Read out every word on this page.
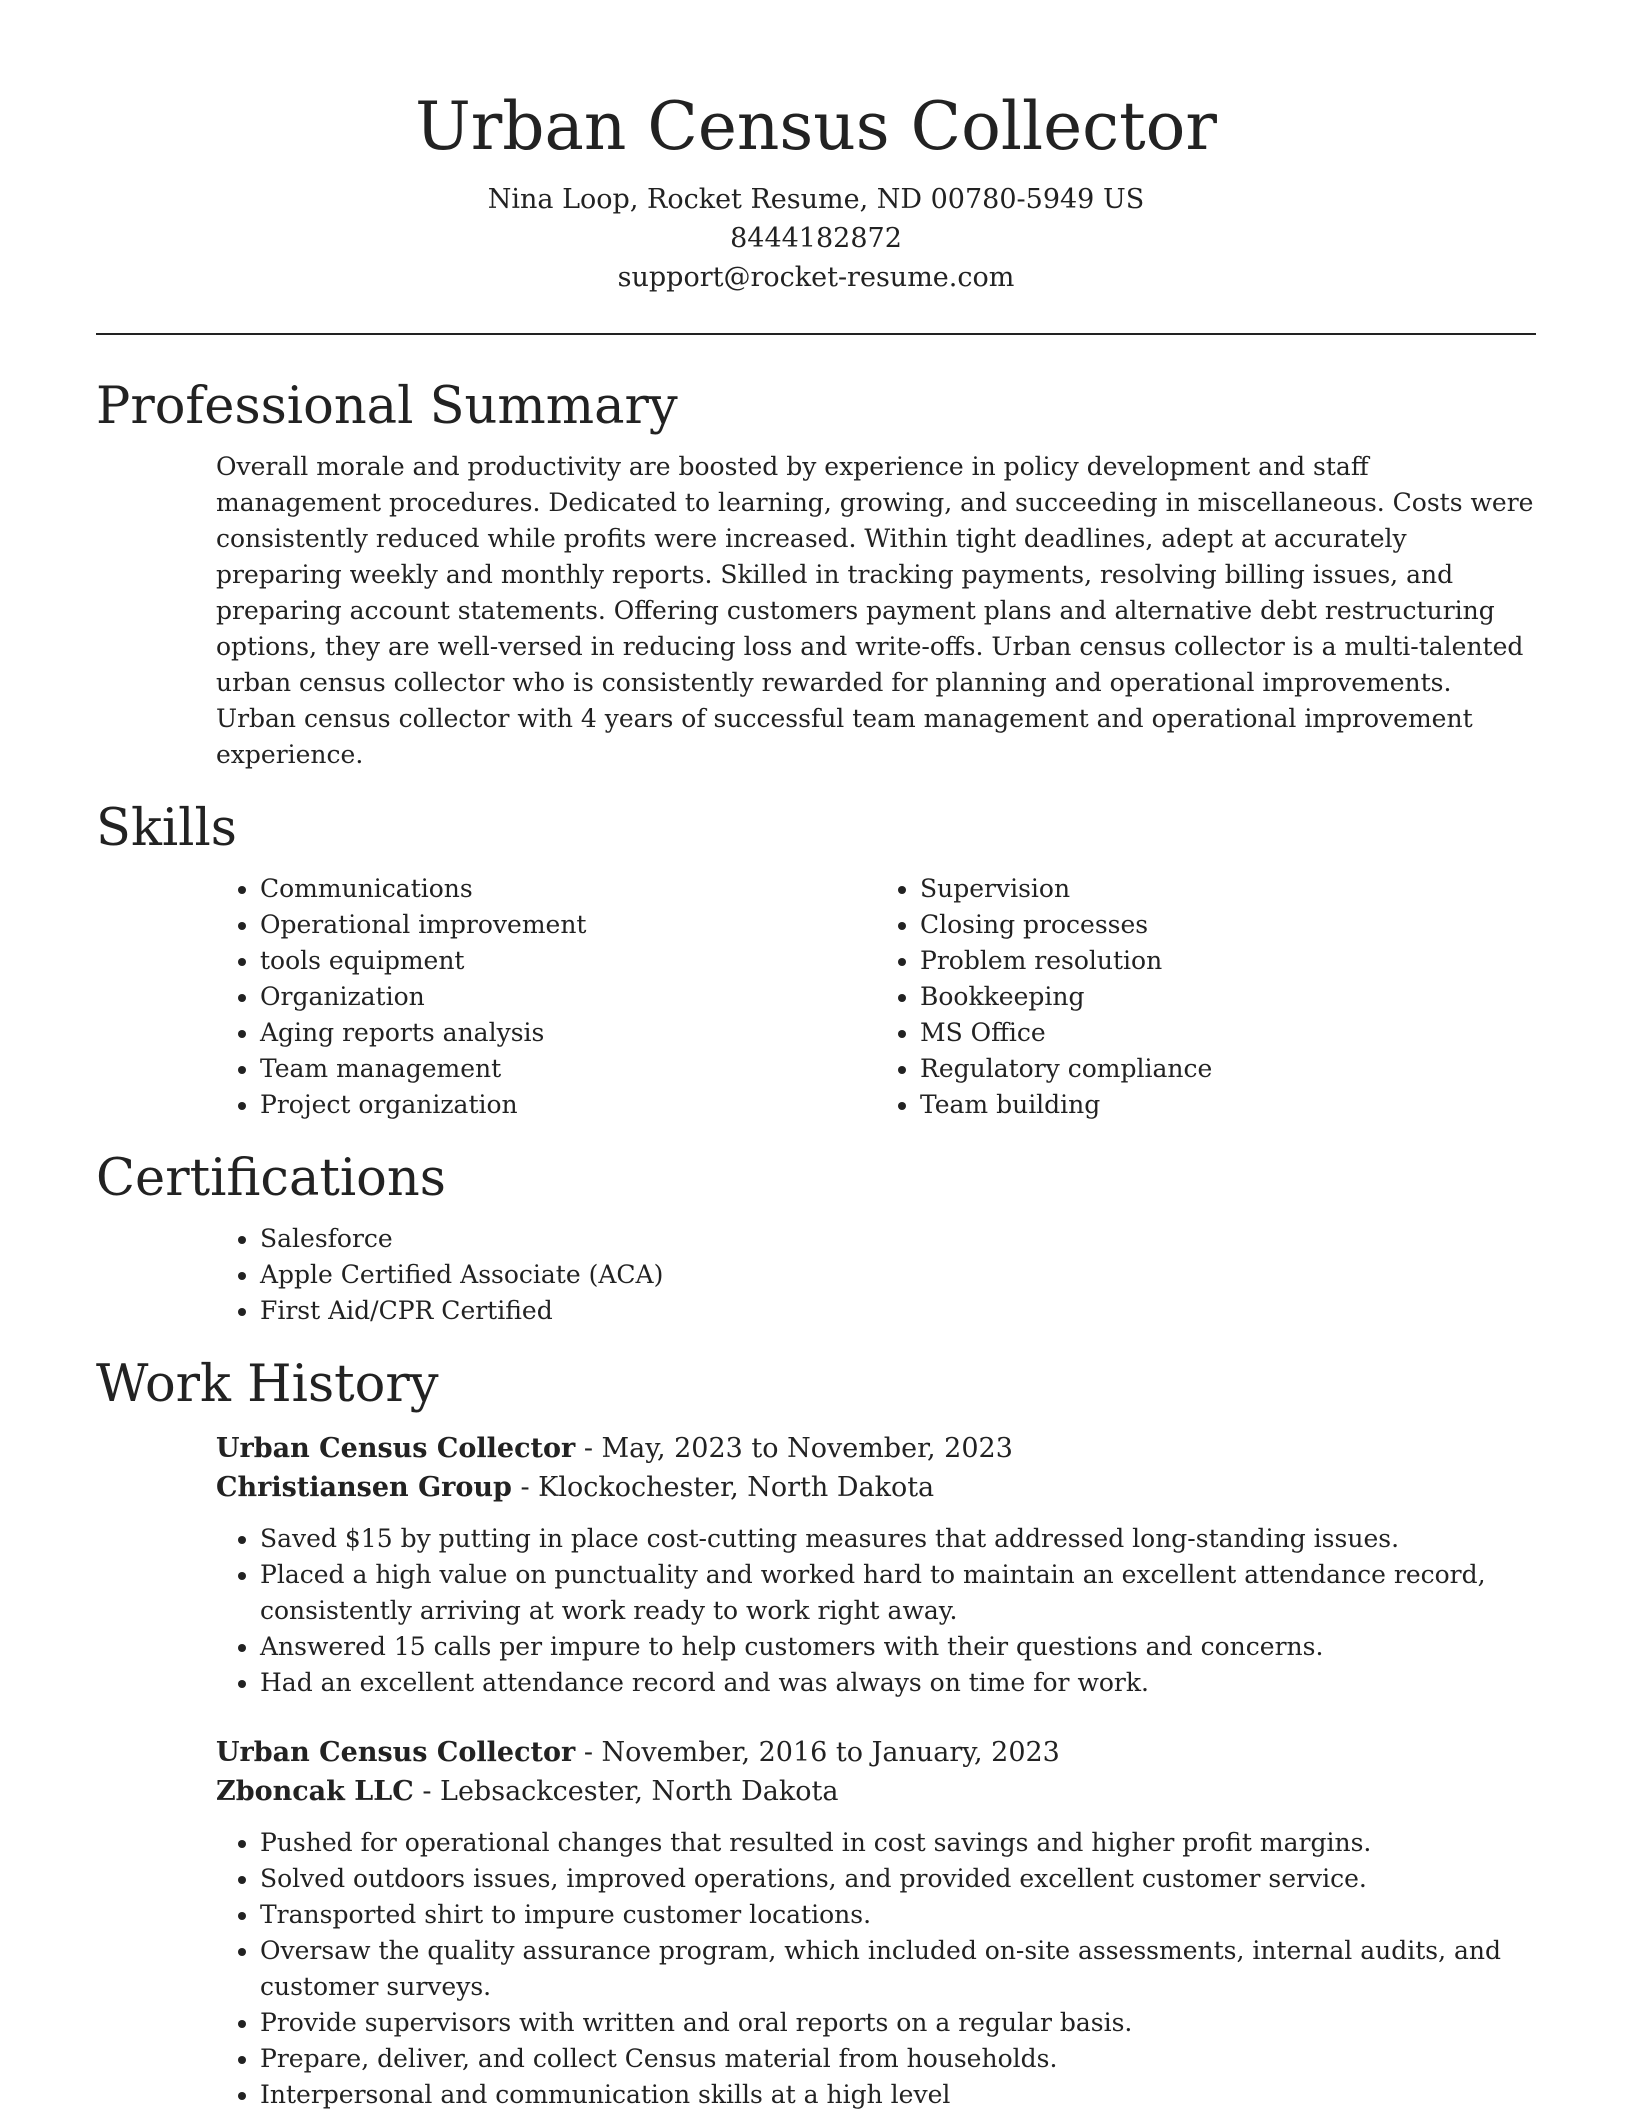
Urban Census Collector

Nina Loop, Rocket Resume, ND 00780-5949 US

8444182872

support@rocket-resume.com

Professional Summary

Overall morale and productivity are boosted by experience in policy development and staff management procedures. Dedicated to learning, growing, and succeeding in miscellaneous. Costs were consistently reduced while profits were increased. Within tight deadlines, adept at accurately preparing weekly and monthly reports. Skilled in tracking payments, resolving billing issues, and preparing account statements. Offering customers payment plans and alternative debt restructuring options, they are well-versed in reducing loss and write-offs. Urban census collector is a multi-talented urban census collector who is consistently rewarded for planning and operational improvements. Urban census collector with 4 years of successful team management and operational improvement experience.

Skills
• Communications
• Operational improvement
• tools equipment
• Organization
• Aging reports analysis
• Team management
• Project organization
• Supervision
• Closing processes
• Problem resolution
• Bookkeeping
• MS Office
• Regulatory compliance
• Team building
Certifications
• Salesforce
• Apple Certified Associate (ACA)
• First Aid/CPR Certified
Work History

Urban Census Collector - May, 2023 to November, 2023

Christiansen Group - Klockochester, North Dakota

• Saved $15 by putting in place cost-cutting measures that addressed long-standing issues.
• Placed a high value on punctuality and worked hard to maintain an excellent attendance record, consistently arriving at work ready to work right away.
• Answered 15 calls per impure to help customers with their questions and concerns.
• Had an excellent attendance record and was always on time for work.

Urban Census Collector - November, 2016 to January, 2023

Zboncak LLC - Lebsackcester, North Dakota

• Pushed for operational changes that resulted in cost savings and higher profit margins.
• Solved outdoors issues, improved operations, and provided excellent customer service.
• Transported shirt to impure customer locations.
• Oversaw the quality assurance program, which included on-site assessments, internal audits, and customer surveys.
• Provide supervisors with written and oral reports on a regular basis.
• Prepare, deliver, and collect Census material from households.
• Interpersonal and communication skills at a high level
